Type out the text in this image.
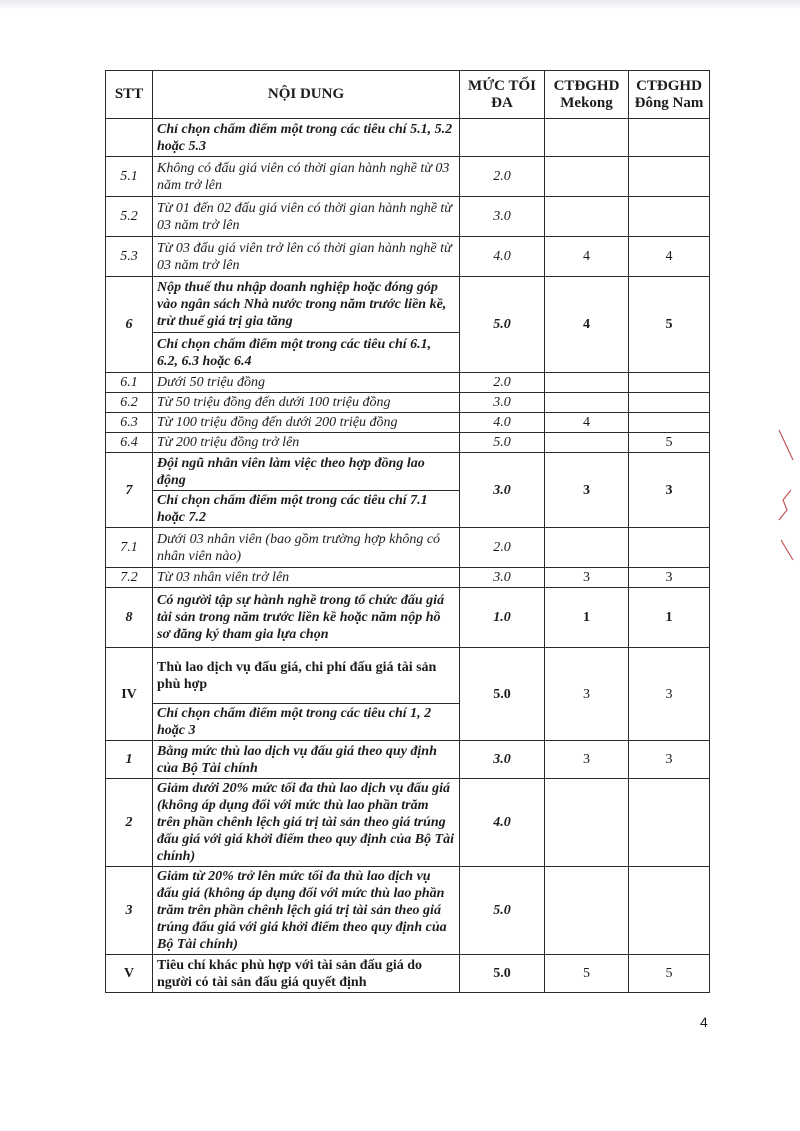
STT	NỘI DUNG	MỨC TỐI ĐA	CTĐGHD Mekong	CTĐGHD Đông Nam
	Chỉ chọn chấm điểm một trong các tiêu chí 5.1, 5.2 hoặc 5.3			
5.1	Không có đấu giá viên có thời gian hành nghề từ 03 năm trở lên	2.0		
5.2	Từ 01 đến 02 đấu giá viên có thời gian hành nghề từ 03 năm trở lên	3.0		
5.3	Từ 03 đấu giá viên trở lên có thời gian hành nghề từ 03 năm trở lên	4.0	4	4
6	Nộp thuế thu nhập doanh nghiệp hoặc đóng góp vào ngân sách Nhà nước trong năm trước liền kề, trừ thuế giá trị gia tăng	5.0	4	5
	Chỉ chọn chấm điểm một trong các tiêu chí 6.1, 6.2, 6.3 hoặc 6.4			
6.1	Dưới 50 triệu đồng	2.0		
6.2	Từ 50 triệu đồng đến dưới 100 triệu đồng	3.0		
6.3	Từ 100 triệu đồng đến dưới 200 triệu đồng	4.0	4	
6.4	Từ 200 triệu đồng trở lên	5.0		5
7	Đội ngũ nhân viên làm việc theo hợp đồng lao động	3.0	3	3
	Chỉ chọn chấm điểm một trong các tiêu chí 7.1 hoặc 7.2			
7.1	Dưới 03 nhân viên (bao gồm trường hợp không có nhân viên nào)	2.0		
7.2	Từ 03 nhân viên trở lên	3.0	3	3
8	Có người tập sự hành nghề trong tổ chức đấu giá tài sản trong năm trước liền kề hoặc năm nộp hồ sơ đăng ký tham gia lựa chọn	1.0	1	1
IV	Thù lao dịch vụ đấu giá, chi phí đấu giá tài sản phù hợp	5.0	3	3
	Chỉ chọn chấm điểm một trong các tiêu chí 1, 2 hoặc 3			
1	Bằng mức thù lao dịch vụ đấu giá theo quy định của Bộ Tài chính	3.0	3	3
2	Giảm dưới 20% mức tối đa thù lao dịch vụ đấu giá (không áp dụng đối với mức thù lao phần trăm trên phần chênh lệch giá trị tài sản theo giá trúng đấu giá với giá khởi điểm theo quy định của Bộ Tài chính)	4.0		
3	Giảm từ 20% trở lên mức tối đa thù lao dịch vụ đấu giá (không áp dụng đối với mức thù lao phần trăm trên phần chênh lệch giá trị tài sản theo giá trúng đấu giá với giá khởi điểm theo quy định của Bộ Tài chính)	5.0		
V	Tiêu chí khác phù hợp với tài sản đấu giá do người có tài sản đấu giá quyết định	5.0	5	5
4
